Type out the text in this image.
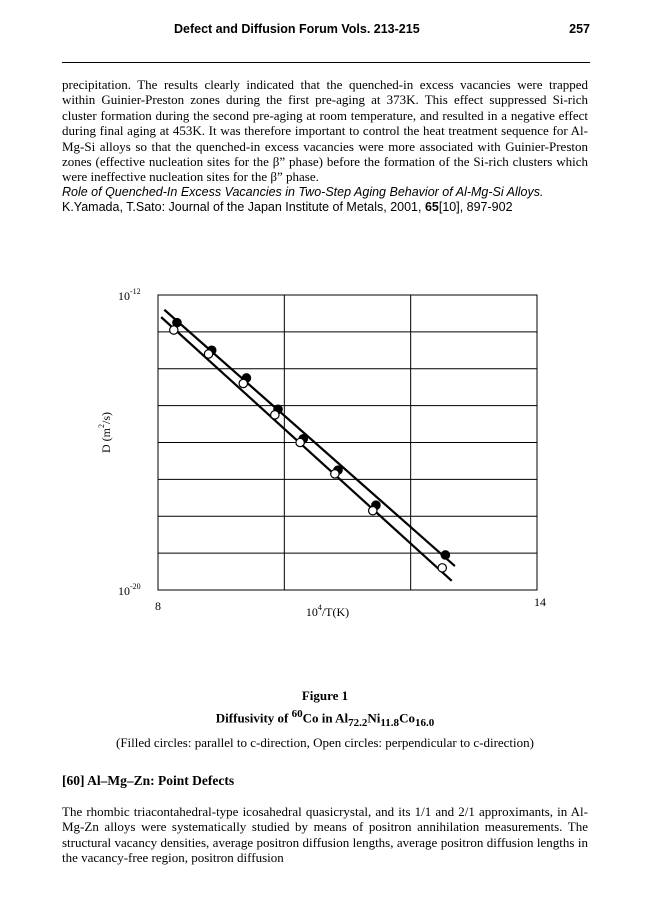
Defect and Diffusion Forum Vols. 213-215	257

precipitation. The results clearly indicated that the quenched-in excess vacancies were trapped within Guinier-Preston zones during the first pre-aging at 373K. This effect suppressed Si-rich cluster formation during the second pre-aging at room temperature, and resulted in a negative effect during final aging at 453K. It was therefore important to control the heat treatment sequence for Al-Mg-Si alloys so that the quenched-in excess vacancies were more associated with Guinier-Preston zones (effective nucleation sites for the β” phase) before the formation of the Si-rich clusters which were ineffective nucleation sites for the β” phase.

Role of Quenched-In Excess Vacancies in Two-Step Aging Behavior of Al-Mg-Si Alloys.
K.Yamada, T.Sato: Journal of the Japan Institute of Metals, 2001, 65[10], 897-902
$10^{-12}$
$10^{-20}$
8	14
$10^4/T(K)$
D $(m^2/s)$
Figure 1
Diffusivity of $^{60}$Co in $Al_{72.2}Ni_{11.8}Co_{16.0}$
(Filled circles: parallel to c-direction, Open circles: perpendicular to c-direction)
[60] Al–Mg–Zn: Point Defects

The rhombic triacontahedral-type icosahedral quasicrystal, and its 1/1 and 2/1 approximants, in Al-Mg-Zn alloys were systematically studied by means of positron annihilation measurements. The structural vacancy densities, average positron diffusion lengths, average positron diffusion lengths in the vacancy-free region, positron diffusion
